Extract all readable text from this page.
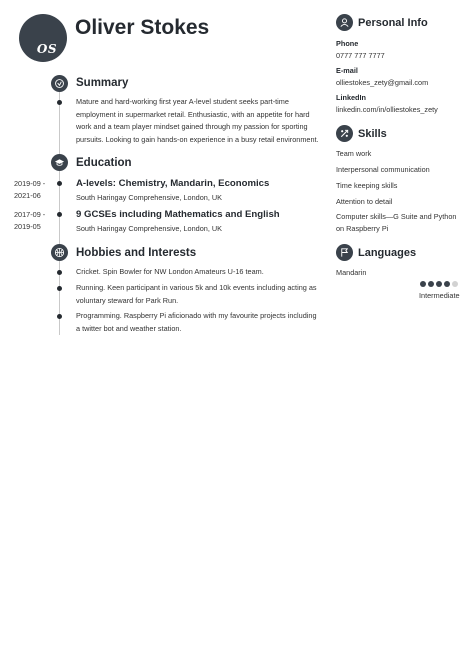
OS
Oliver Stokes
Summary
Mature and hard-working first year A-level student seeks part-time
employment in supermarket retail. Enthusiastic, with an appetite for hard
work and a team player mindset gained through my passion for sporting
pursuits. Looking to gain hands-on experience in a busy retail environment.
Education
2019-09 -
2021-06
A-levels: Chemistry, Mandarin, Economics
South Haringay Comprehensive, London, UK
2017-09 -
2019-05
9 GCSEs including Mathematics and English
South Haringay Comprehensive, London, UK
Hobbies and Interests
Cricket. Spin Bowler for NW London Amateurs U-16 team.
Running. Keen participant in various 5k and 10k events including acting as
voluntary steward for Park Run.
Programming. Raspberry Pi aficionado with my favourite projects including
a twitter bot and weather station.
Personal Info
Phone
0777 777 7777
E-mail
olliestokes_zety@gmail.com
LinkedIn
linkedin.com/in/olliestokes_zety
Skills
Team work
Interpersonal communication
Time keeping skills
Attention to detail
Computer skills—G Suite and Python
on Raspberry Pi
Languages
Mandarin
Intermediate
